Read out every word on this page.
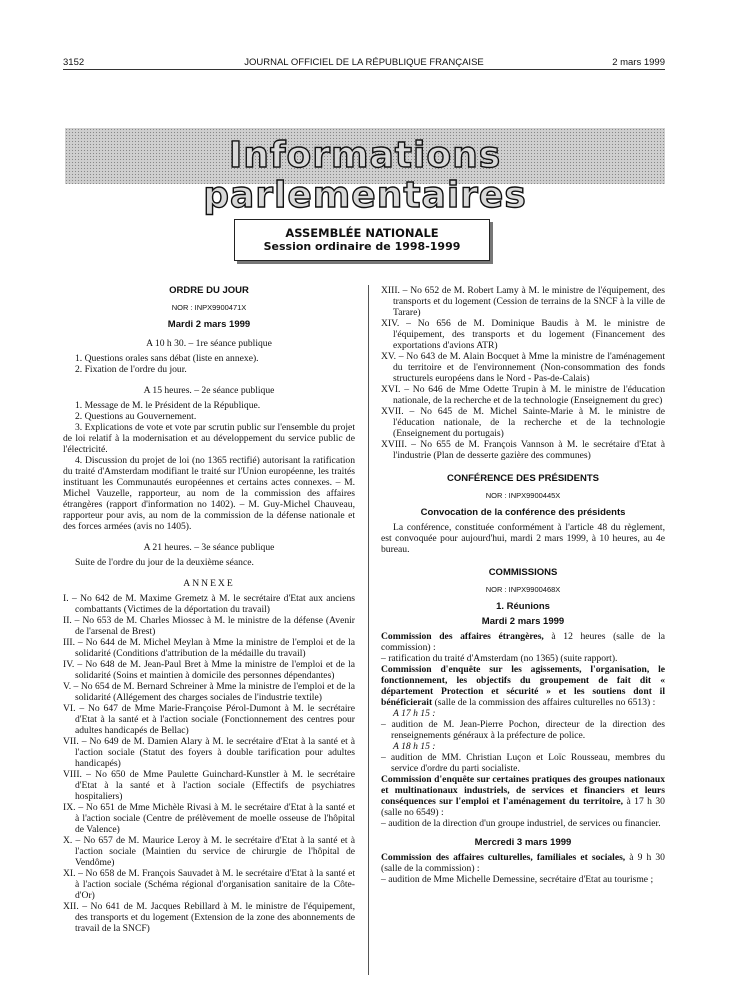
3152	JOURNAL OFFICIEL DE LA RÉPUBLIQUE FRANÇAISE	2 mars 1999
Informations parlementaires
ASSEMBLÉE NATIONALE
Session ordinaire de 1998-1999

ORDRE DU JOUR

NOR : INPX9900471X

Mardi 2 mars 1999

A 10 h 30. – 1re séance publique

1. Questions orales sans débat (liste en annexe).

2. Fixation de l'ordre du jour.

A 15 heures. – 2e séance publique

1. Message de M. le Président de la République.

2. Questions au Gouvernement.

3. Explications de vote et vote par scrutin public sur l'ensemble du projet de loi relatif à la modernisation et au développement du service public de l'électricité.

4. Discussion du projet de loi (no 1365 rectifié) autorisant la ratification du traité d'Amsterdam modifiant le traité sur l'Union européenne, les traités instituant les Communautés européennes et certains actes connexes. – M. Michel Vauzelle, rapporteur, au nom de la commission des affaires étrangères (rapport d'information no 1402). – M. Guy-Michel Chauveau, rapporteur pour avis, au nom de la commission de la défense nationale et des forces armées (avis no 1405).

A 21 heures. – 3e séance publique

Suite de l'ordre du jour de la deuxième séance.

ANNEXE

I. – No 642 de M. Maxime Gremetz à M. le secrétaire d'Etat aux anciens combattants (Victimes de la déportation du travail)

II. – No 653 de M. Charles Miossec à M. le ministre de la défense (Avenir de l'arsenal de Brest)

III. – No 644 de M. Michel Meylan à Mme la ministre de l'emploi et de la solidarité (Conditions d'attribution de la médaille du travail)

IV. – No 648 de M. Jean-Paul Bret à Mme la ministre de l'emploi et de la solidarité (Soins et maintien à domicile des personnes dépendantes)

V. – No 654 de M. Bernard Schreiner à Mme la ministre de l'emploi et de la solidarité (Allégement des charges sociales de l'industrie textile)

VI. – No 647 de Mme Marie-Françoise Pérol-Dumont à M. le secrétaire d'Etat à la santé et à l'action sociale (Fonctionnement des centres pour adultes handicapés de Bellac)

VII. – No 649 de M. Damien Alary à M. le secrétaire d'Etat à la santé et à l'action sociale (Statut des foyers à double tarification pour adultes handicapés)

VIII. – No 650 de Mme Paulette Guinchard-Kunstler à M. le secrétaire d'Etat à la santé et à l'action sociale (Effectifs de psychiatres hospitaliers)

IX. – No 651 de Mme Michèle Rivasi à M. le secrétaire d'Etat à la santé et à l'action sociale (Centre de prélèvement de moelle osseuse de l'hôpital de Valence)

X. – No 657 de M. Maurice Leroy à M. le secrétaire d'Etat à la santé et à l'action sociale (Maintien du service de chirurgie de l'hôpital de Vendôme)

XI. – No 658 de M. François Sauvadet à M. le secrétaire d'Etat à la santé et à l'action sociale (Schéma régional d'organisation sanitaire de la Côte-d'Or)

XII. – No 641 de M. Jacques Rebillard à M. le ministre de l'équipement, des transports et du logement (Extension de la zone des abonnements de travail de la SNCF)

XIII. – No 652 de M. Robert Lamy à M. le ministre de l'équipement, des transports et du logement (Cession de terrains de la SNCF à la ville de Tarare)

XIV. – No 656 de M. Dominique Baudis à M. le ministre de l'équipement, des transports et du logement (Financement des exportations d'avions ATR)

XV. – No 643 de M. Alain Bocquet à Mme la ministre de l'aménagement du territoire et de l'environnement (Non-consommation des fonds structurels européens dans le Nord - Pas-de-Calais)

XVI. – No 646 de Mme Odette Trupin à M. le ministre de l'éducation nationale, de la recherche et de la technologie (Enseignement du grec)

XVII. – No 645 de M. Michel Sainte-Marie à M. le ministre de l'éducation nationale, de la recherche et de la technologie (Enseignement du portugais)

XVIII. – No 655 de M. François Vannson à M. le secrétaire d'Etat à l'industrie (Plan de desserte gazière des communes)

CONFÉRENCE DES PRÉSIDENTS

NOR : INPX9900445X

Convocation de la conférence des présidents

La conférence, constituée conformément à l'article 48 du règlement, est convoquée pour aujourd'hui, mardi 2 mars 1999, à 10 heures, au 4e bureau.

COMMISSIONS

NOR : INPX9900468X

1. Réunions

Mardi 2 mars 1999

Commission des affaires étrangères, à 12 heures (salle de la commission) :

– ratification du traité d'Amsterdam (no 1365) (suite rapport).

Commission d'enquête sur les agissements, l'organisation, le fonctionnement, les objectifs du groupement de fait dit « département Protection et sécurité » et les soutiens dont il bénéficierait (salle de la commission des affaires culturelles no 6513) :

A 17 h 15 :

– audition de M. Jean-Pierre Pochon, directeur de la direction des renseignements généraux à la préfecture de police.

A 18 h 15 :

– audition de MM. Christian Luçon et Loïc Rousseau, membres du service d'ordre du parti socialiste.

Commission d'enquête sur certaines pratiques des groupes nationaux et multinationaux industriels, de services et financiers et leurs conséquences sur l'emploi et l'aménagement du territoire, à 17 h 30 (salle no 6549) :

– audition de la direction d'un groupe industriel, de services ou financier.

Mercredi 3 mars 1999

Commission des affaires culturelles, familiales et sociales, à 9 h 30 (salle de la commission) :

– audition de Mme Michelle Demessine, secrétaire d'Etat au tourisme ;
